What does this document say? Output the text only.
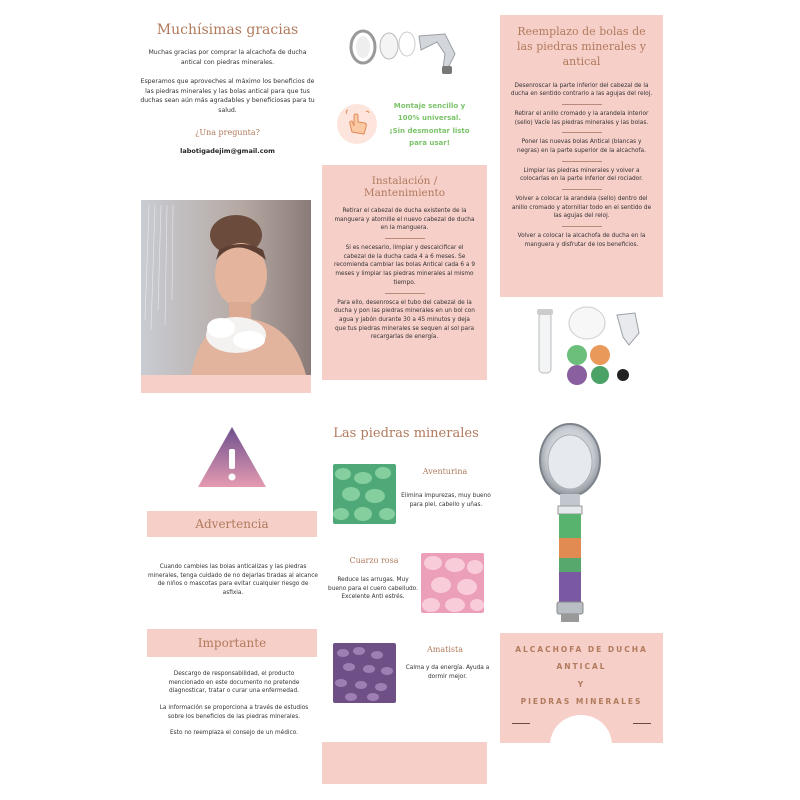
Muchísimas gracias
Muchas gracias por comprar la alcachofa de ducha antical con piedras minerales.
Esperamos que aproveches al máximo los beneficios de las piedras minerales y las bolas antical para que tus duchas sean aún más agradables y beneficiosas para tu salud.
¿Una pregunta?
labotigadejim@gmail.com
Montaje sencillo y
100% universal.
¡Sin desmontar listo
para usar!
Instalación / Mantenimiento
Retirar el cabezal de ducha existente de la manguera y atornille el nuevo cabezal de ducha en la manguera.
Si es necesario, limpiar y descalcificar el cabezal de la ducha cada 4 a 6 meses. Se recomienda cambiar las bolas Antical cada 6 a 9 meses y limpiar las piedras minerales al mismo tiempo.
Para ello, desenrosca el tubo del cabezal de la ducha y pon las piedras minerales en un bol con agua y jabón durante 30 a 45 minutos y deja que tus piedras minerales se sequen al sol para recargarlas de energía.
Reemplazo de bolas de las piedras minerales y antical
Desenroscar la parte inferior del cabezal de la ducha en sentido contrario a las agujas del reloj.
Retirar el anillo cromado y la arandela interior (sello) Vacíe las piedras minerales y las bolas.
Poner las nuevas bolas Antical (blancas y negras) en la parte superior de la alcachofa.
Limpiar las piedras minerales y volver a colocarlas en la parte inferior del rociador.
Volver a colocar la arandela (sello) dentro del anillo cromado y atornillar todo en el sentido de las agujas del reloj.
Volver a colocar la alcachofa de ducha en la manguera y disfrutar de los beneficios.
Advertencia
Cuando cambies las bolas anticalizas y las piedras minerales, tenga cuidado de no dejarlas tiradas al alcance de niños o mascotas para evitar cualquier riesgo de asfixia.
Importante
Descargo de responsabilidad, el producto mencionado en este documento no pretende diagnosticar, tratar o curar una enfermedad.
La información se proporciona a través de estudios sobre los beneficios de las piedras minerales.
Esto no reemplaza el consejo de un médico.
Las piedras minerales
Aventurina
Elimina impurezas, muy bueno para piel, cabello y uñas.
Cuarzo rosa
Reduce las arrugas. Muy bueno para el cuero cabelludo. Excelente Anti estrés.
Amatista
Calma y da energía. Ayuda a dormir mejor.
ALCACHOFA DE DUCHA
ANTICAL
Y
PIEDRAS MINERALES
